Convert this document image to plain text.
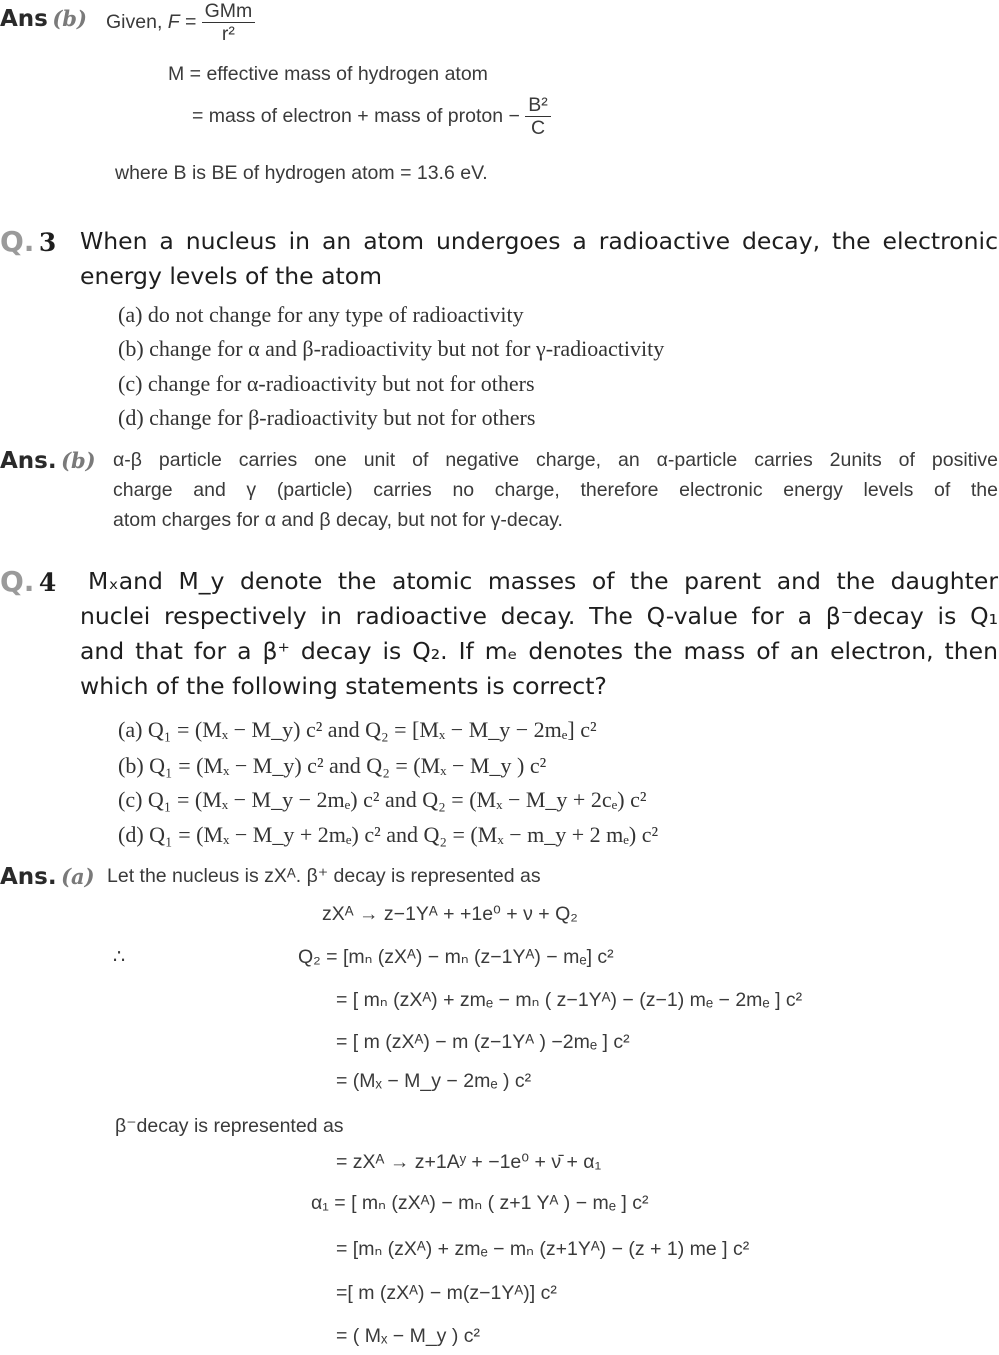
Ans (b) Given, $F = \frac{\text{GMm}}{\text{r²}}$
M = effective mass of hydrogen atom
= mass of electron + mass of proton − $\frac{\text{B²}}{C}$
where B is BE of hydrogen atom = 13.6 eV.
Q. 3 When a nucleus in an atom undergoes a radioactive decay, the electronic
energy levels of the atom
(a) do not change for any type of radioactivity
(b) change for α and β-radioactivity but not for γ-radioactivity
(c) change for α-radioactivity but not for others
(d) change for β-radioactivity but not for others
Ans. (b) α-β particle carries one unit of negative charge, an α-particle carries 2units of positive
charge and γ (particle) carries no charge, therefore electronic energy levels of the
atom charges for α and β decay, but not for γ-decay.
Q. 4 Mₓand M_y denote the atomic masses of the parent and the daughter
nuclei respectively in radioactive decay. The Q-value for a β⁻decay is Q₁
and that for a β⁺ decay is Q₂. If mₑ denotes the mass of an electron, then
which of the following statements is correct?
(a) Q₁ = (Mₓ − M_y) c² and Q₂ = [Mₓ − M_y − 2mₑ] c²
(b) Q₁ = (Mₓ − M_y) c² and Q₂ = (Mₓ − M_y ) c²
(c) Q₁ = (Mₓ − M_y − 2mₑ) c² and Q₂ = (Mₓ − M_y + 2cₑ) c²
(d) Q₁ = (Mₓ − M_y + 2mₑ) c² and Q₂ = (Mₓ − m_y + 2 mₑ) c²
Ans. (a) Let the nucleus is zXᴬ. β⁺ decay is represented as
zXᴬ → z−1Yᴬ + +1e⁰ + ν + Q₂
∴	Q₂ = [mₙ (zXᴬ) − mₙ (z−1Yᴬ) − mₑ] c²
= [ mₙ (zXᴬ) + zmₑ − mₙ ( z−1Yᴬ) − (z−1) mₑ − 2mₑ ] c²
= [ m (zXᴬ) − m (z−1Yᴬ ) −2mₑ ] c²
= (Mₓ − M_y − 2mₑ ) c²
β⁻decay is represented as
= zXᴬ → z+1Aʸ + −1e⁰ + ν̄ + α₁
α₁ = [ mₙ (zXᴬ) − mₙ ( z+1 Yᴬ ) − mₑ ] c²
= [mₙ (zXᴬ) + zmₑ − mₙ (z+1Yᴬ) − (z + 1) me ] c²
=[ m (zXᴬ) − m(z−1Yᴬ)] c²
= ( Mₓ − M_y ) c²
